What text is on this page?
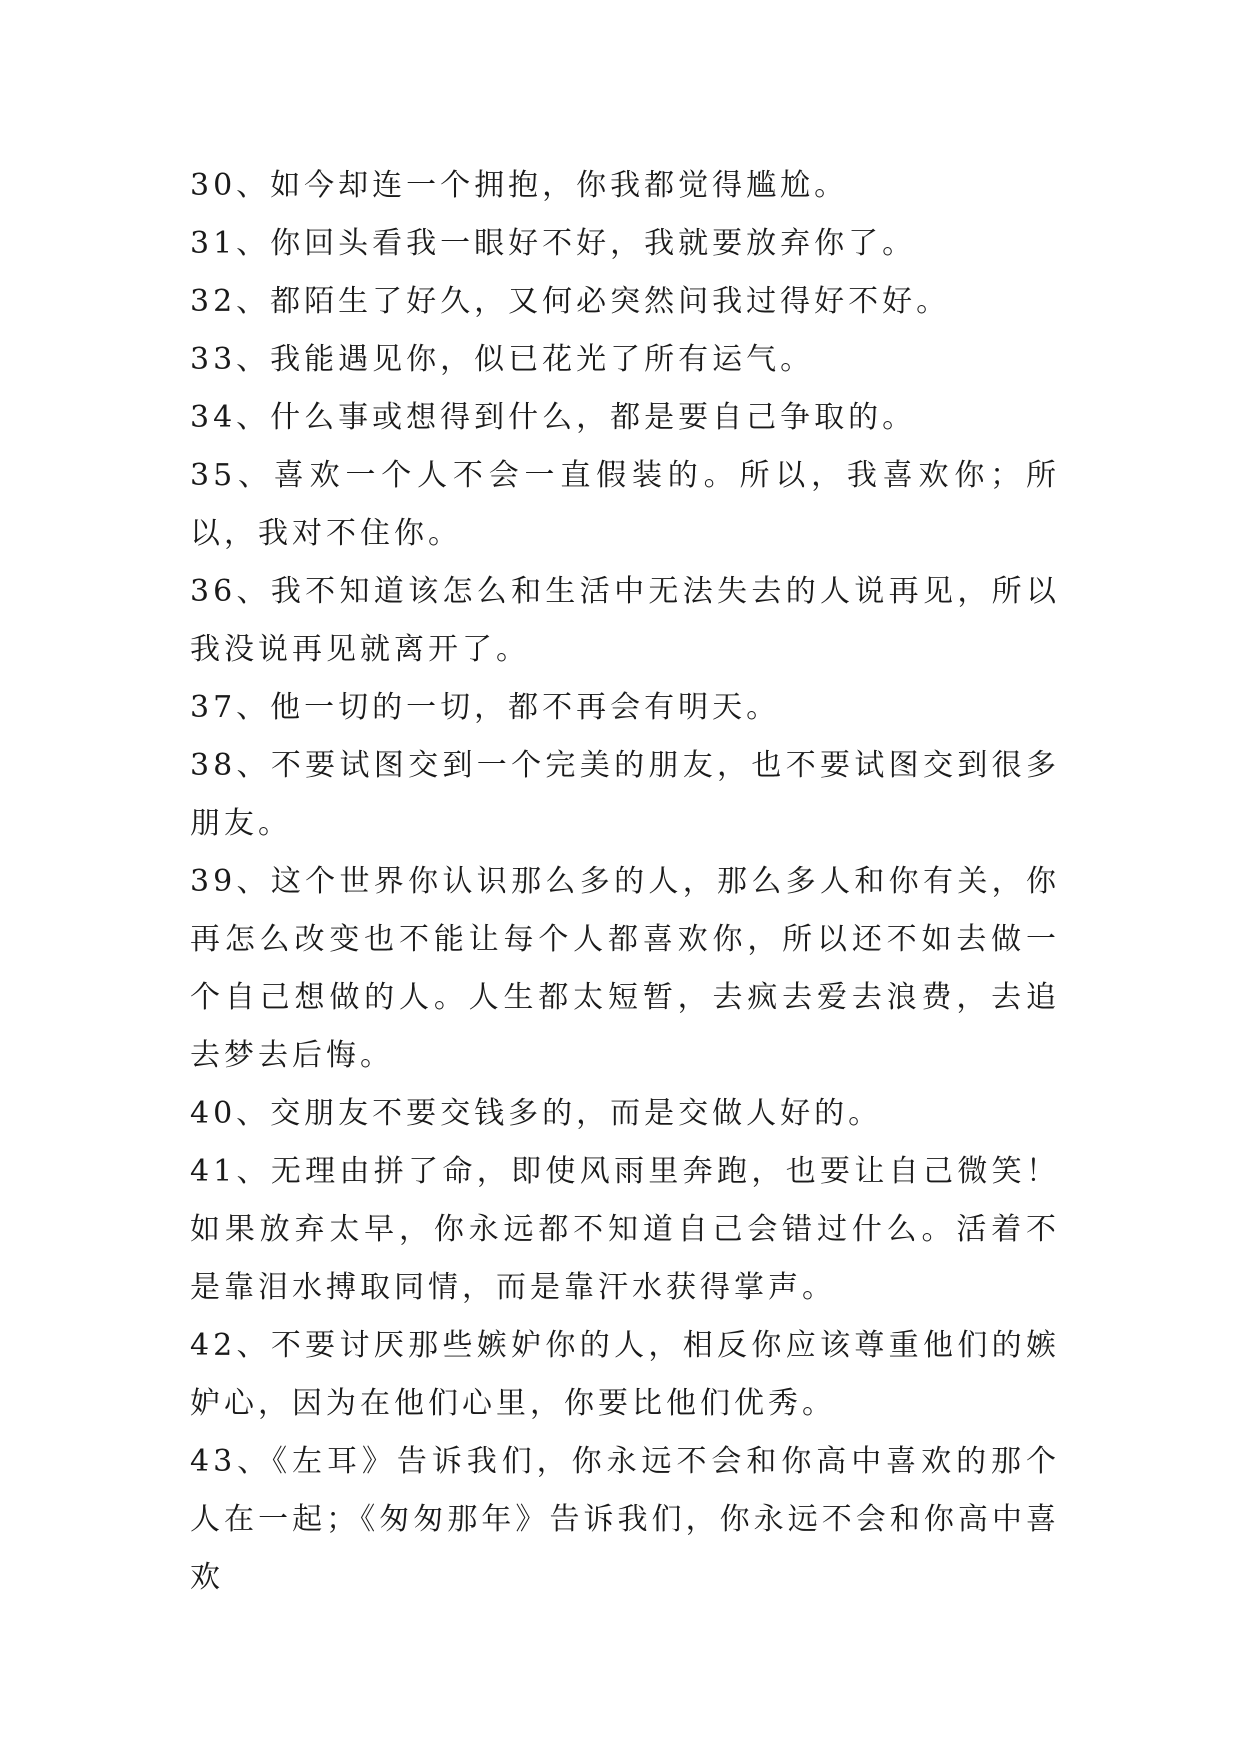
30、如今却连一个拥抱，你我都觉得尴尬。

31、你回头看我一眼好不好，我就要放弃你了。

32、都陌生了好久，又何必突然问我过得好不好。

33、我能遇见你，似已花光了所有运气。

34、什么事或想得到什么，都是要自己争取的。

35、喜欢一个人不会一直假装的。所以，我喜欢你；所以，我对不住你。

36、我不知道该怎么和生活中无法失去的人说再见，所以我没说再见就离开了。

37、他一切的一切，都不再会有明天。

38、不要试图交到一个完美的朋友，也不要试图交到很多朋友。

39、这个世界你认识那么多的人，那么多人和你有关，你再怎么改变也不能让每个人都喜欢你，所以还不如去做一个自己想做的人。人生都太短暂，去疯去爱去浪费，去追去梦去后悔。

40、交朋友不要交钱多的，而是交做人好的。

41、无理由拼了命，即使风雨里奔跑，也要让自己微笑！如果放弃太早，你永远都不知道自己会错过什么。活着不是靠泪水搏取同情，而是靠汗水获得掌声。

42、不要讨厌那些嫉妒你的人，相反你应该尊重他们的嫉妒心，因为在他们心里，你要比他们优秀。

43、《左耳》告诉我们，你永远不会和你高中喜欢的那个人在一起；《匆匆那年》告诉我们，你永远不会和你高中喜欢
